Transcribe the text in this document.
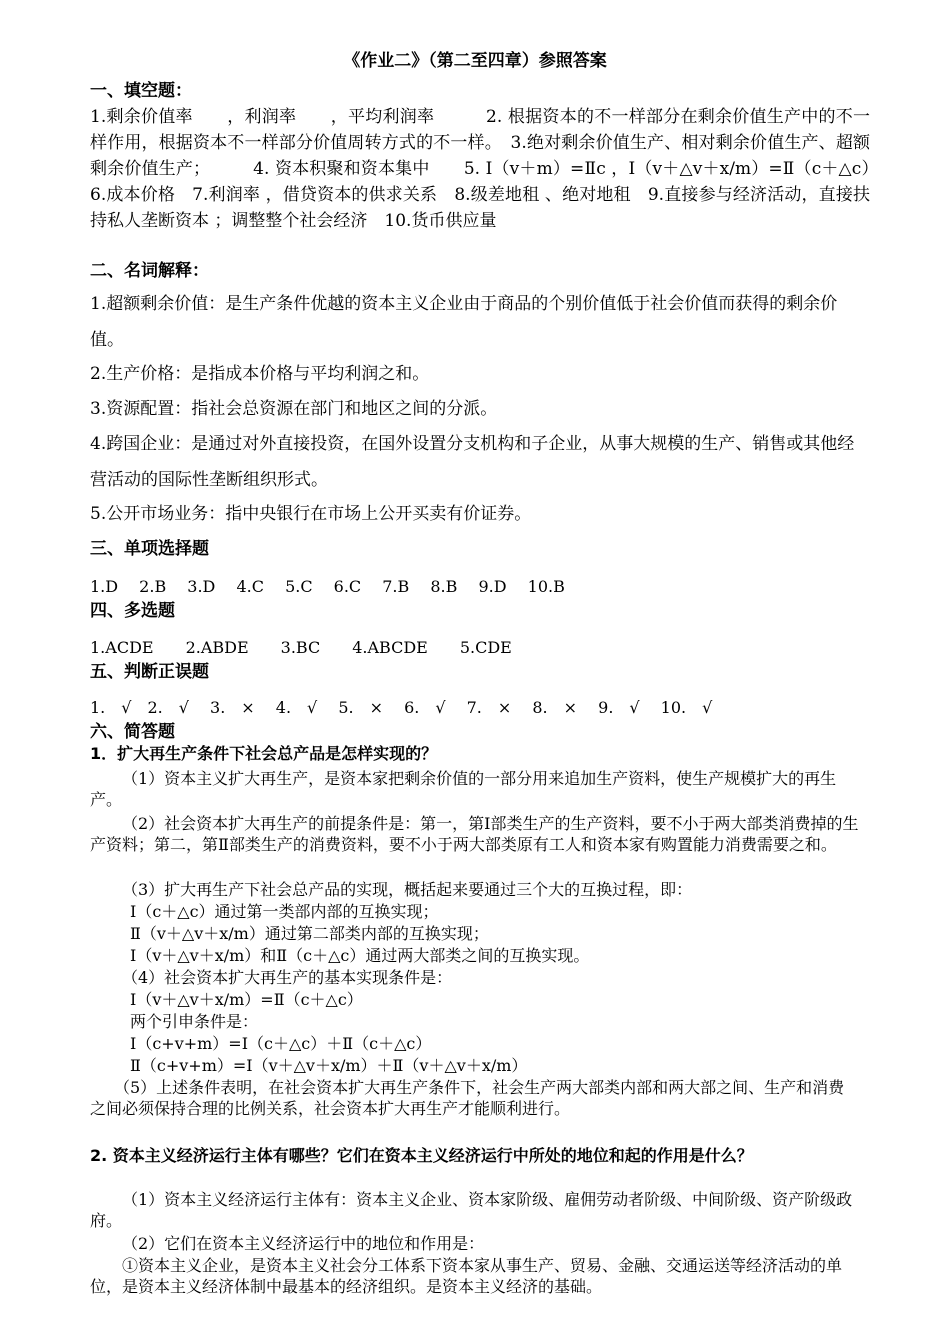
《作业二》（第二至四章）参照答案
一、填空题：
1.剩余价值率　　，利润率　　，平均利润率　　　2. 根据资本的不一样部分在剩余价值生产中的不一样作用，根据资本不一样部分价值周转方式的不一样。　3.绝对剩余价值生产、相对剩余价值生产、超额剩余价值生产；　　　4. 资本积聚和资本集中　　5. Ⅰ（v＋m）=Ⅱc ，Ⅰ（v＋△v＋x/m）=Ⅱ（c＋△c）　6.成本价格　7.利润率 ，借贷资本的供求关系　8.级差地租 、绝对地租　9.直接参与经济活动，直接扶持私人垄断资本 ；调整整个社会经济　10.货币供应量
二、名词解释：
1.超额剩余价值：是生产条件优越的资本主义企业由于商品的个别价值低于社会价值而获得的剩余价值。
2.生产价格：是指成本价格与平均利润之和。
3.资源配置：指社会总资源在部门和地区之间的分派。
4.跨国企业：是通过对外直接投资，在国外设置分支机构和子企业，从事大规模的生产、销售或其他经营活动的国际性垄断组织形式。
5.公开市场业务：指中央银行在市场上公开买卖有价证券。
三、单项选择题
1.D　 2.B　 3.D　 4.C　 5.C　 6.C　 7.B　 8.B　 9.D　 10.B
四、多选题
1.ACDE　　2.ABDE　　3.BC　　4.ABCDE　　5.CDE
五、判断正误题
1.　√　2.　√　 3.　×　 4.　√　 5.　×　 6.　√　 7.　×　 8.　×　 9.　√　 10.　√
六、简答题
1．扩大再生产条件下社会总产品是怎样实现的？
（1）资本主义扩大再生产，是资本家把剩余价值的一部分用来追加生产资料，使生产规模扩大的再生产。
（2）社会资本扩大再生产的前提条件是：第一，第Ⅰ部类生产的生产资料，要不小于两大部类消费掉的生产资料；第二，第Ⅱ部类生产的消费资料，要不小于两大部类原有工人和资本家有购置能力消费需要之和。
（3）扩大再生产下社会总产品的实现，概括起来要通过三个大的互换过程，即：
Ⅰ（c＋△c）通过第一类部内部的互换实现；
Ⅱ（v＋△v＋x/m）通过第二部类内部的互换实现；
Ⅰ（v＋△v＋x/m）和Ⅱ（c＋△c）通过两大部类之间的互换实现。
（4）社会资本扩大再生产的基本实现条件是：
Ⅰ（v＋△v＋x/m）=Ⅱ（c＋△c）
两个引申条件是：
Ⅰ（c+v+m）=Ⅰ（c＋△c）＋Ⅱ（c＋△c）
Ⅱ（c+v+m）=Ⅰ（v＋△v＋x/m）＋Ⅱ（v＋△v＋x/m）
（5）上述条件表明，在社会资本扩大再生产条件下，社会生产两大部类内部和两大部之间、生产和消费之间必须保持合理的比例关系，社会资本扩大再生产才能顺利进行。
2. 资本主义经济运行主体有哪些？它们在资本主义经济运行中所处的地位和起的作用是什么？
（1）资本主义经济运行主体有：资本主义企业、资本家阶级、雇佣劳动者阶级、中间阶级、资产阶级政府。
（2）它们在资本主义经济运行中的地位和作用是：
①资本主义企业，是资本主义社会分工体系下资本家从事生产、贸易、金融、交通运送等经济活动的单位，是资本主义经济体制中最基本的经济组织。是资本主义经济的基础。
